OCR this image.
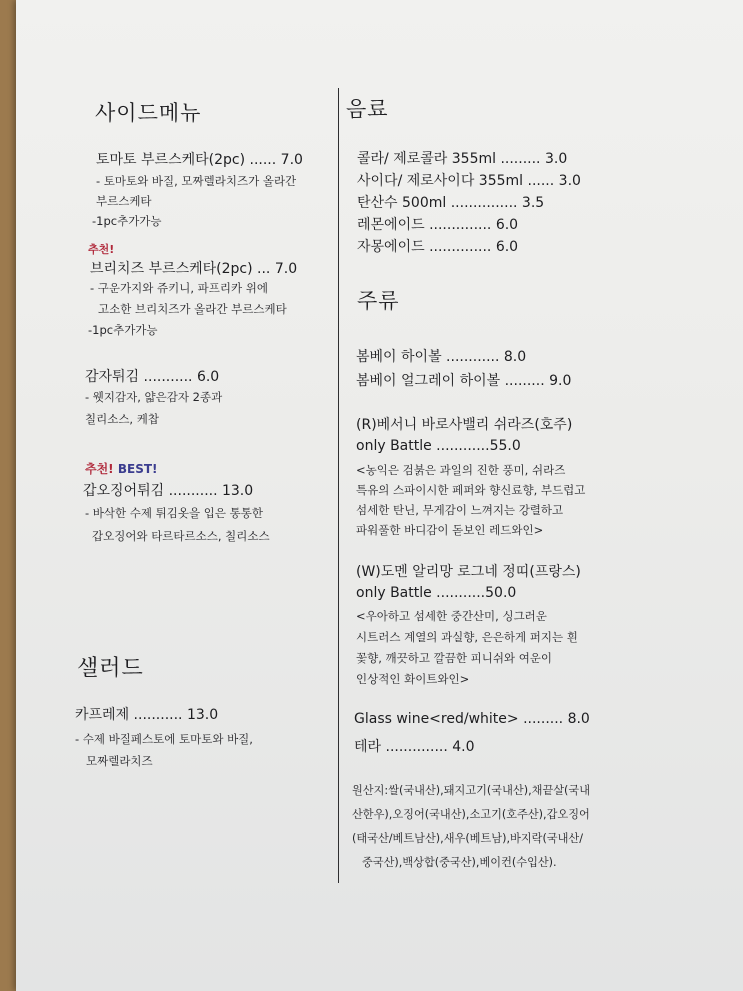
사이드메뉴
토마토 부르스케타(2pc) ...... 7.0
- 토마토와 바질, 모짜렐라치즈가 올라간
부르스케타
-1pc추가가능
추천!
브리치즈 부르스케타(2pc) ... 7.0
- 구운가지와 쥬키니, 파프리카 위에
고소한 브리치즈가 올라간 부르스케타
-1pc추가가능
감자튀김 ........... 6.0
- 웻지감자, 얇은감자 2종과
칠리소스, 케찹
추천! BEST!
갑오징어튀김 ........... 13.0
- 바삭한 수제 튀김옷을 입은 통통한
갑오징어와 타르타르소스, 칠리소스
샐러드
카프레제 ........... 13.0
- 수제 바질페스토에 토마토와 바질,
모짜렐라치즈
음료
콜라/ 제로콜라 355ml ......... 3.0
사이다/ 제로사이다 355ml ...... 3.0
탄산수 500ml ............... 3.5
레몬에이드 .............. 6.0
자몽에이드 .............. 6.0
주류
봄베이 하이볼 ............ 8.0
봄베이 얼그레이 하이볼 ......... 9.0
(R)베서니 바로사밸리 쉬라즈(호주)
only Battle ............55.0
<농익은 검붉은 과일의 진한 풍미, 쉬라즈
특유의 스파이시한 페퍼와 향신료향, 부드럽고
섬세한 탄닌, 무게감이 느껴지는 강렬하고
파워풀한 바디감이 돋보인 레드와인>
(W)도멘 알리망 로그네 정띠(프랑스)
only Battle ...........50.0
<우아하고 섬세한 중간산미, 싱그러운
시트러스 계열의 과실향, 은은하게 퍼지는 흰
꽃향, 깨끗하고 깔끔한 피니쉬와 여운이
인상적인 화이트와인>
Glass wine<red/white> ......... 8.0
테라 .............. 4.0
원산지:쌀(국내산),돼지고기(국내산),채끝살(국내
산한우),오징어(국내산),소고기(호주산),갑오징어
(태국산/베트남산),새우(베트남),바지락(국내산/
중국산),백상합(중국산),베이컨(수입산).
